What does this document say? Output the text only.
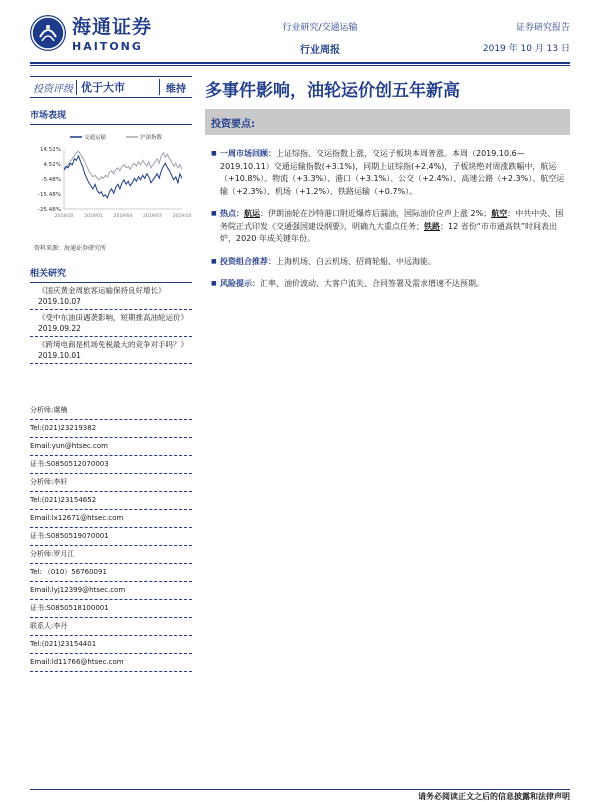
海通证券
HAITONG
行业研究/交通运输
行业周报
证券研究报告
2019 年 10 月 13 日
投资评级 优于大市	维持
市场表现
交通运输	沪深指数
14.52%
4.52%
-5.48%
-15.48%
-25.48%
2018/10 2019/01 2019/04 2019/07 2019/10
资料来源：海通证券研究所
相关研究
《国庆黄金周旅客运输保持良好增长》
2019.10.07
《受中东油田遇袭影响，短期推高油轮运价》
2019.09.22
《跨境电商是机场免税最大的竞争对手吗？》 2019.10.01
分析师:虞楠
Tel:(021)23219382
Email:yun@htsec.com
证书:S0850512070003
分析师:李轩
Tel:(021)23154652
Email:lx12671@htsec.com
证书:S0850519070001
分析师:罗月江
Tel: （010）56760091
Email:lyj12399@htsec.com
证书:S0850518100001
联系人:李丹
Tel:(021)23154401
Email:ld11766@htsec.com
多事件影响，油轮运价创五年新高
投资要点:
■ 一周市场回顾：上证综指、交运指数上涨，交运子板块本周普涨。本周（2019.10.6—2019.10.11）交通运输指数(+3.1%)，同期上证综指(+2.4%)，子板块绝对周涨跌幅中，航运（+10.8%）、物流（+3.3%）、港口（+3.1%）、公交（+2.4%）、高速公路（+2.3%）、航空运输（+2.3%）、机场（+1.2%）、铁路运输（+0.7%）。
■ 热点：航运：伊朗油轮在沙特港口附近爆炸后漏油，国际油价应声上涨 2%；航空：中共中央、国务院正式印发《交通强国建设纲要》，明确九大重点任务；铁路：12 省份“市市通高铁”时间表出炉，2020 年成关键年份。
■ 投资组合推荐：上海机场、白云机场、招商轮船、中远海能。
■ 风险提示：汇率、油价波动、大客户流失、合同签署及需求增速不达预期。
请务必阅读正文之后的信息披露和法律声明
